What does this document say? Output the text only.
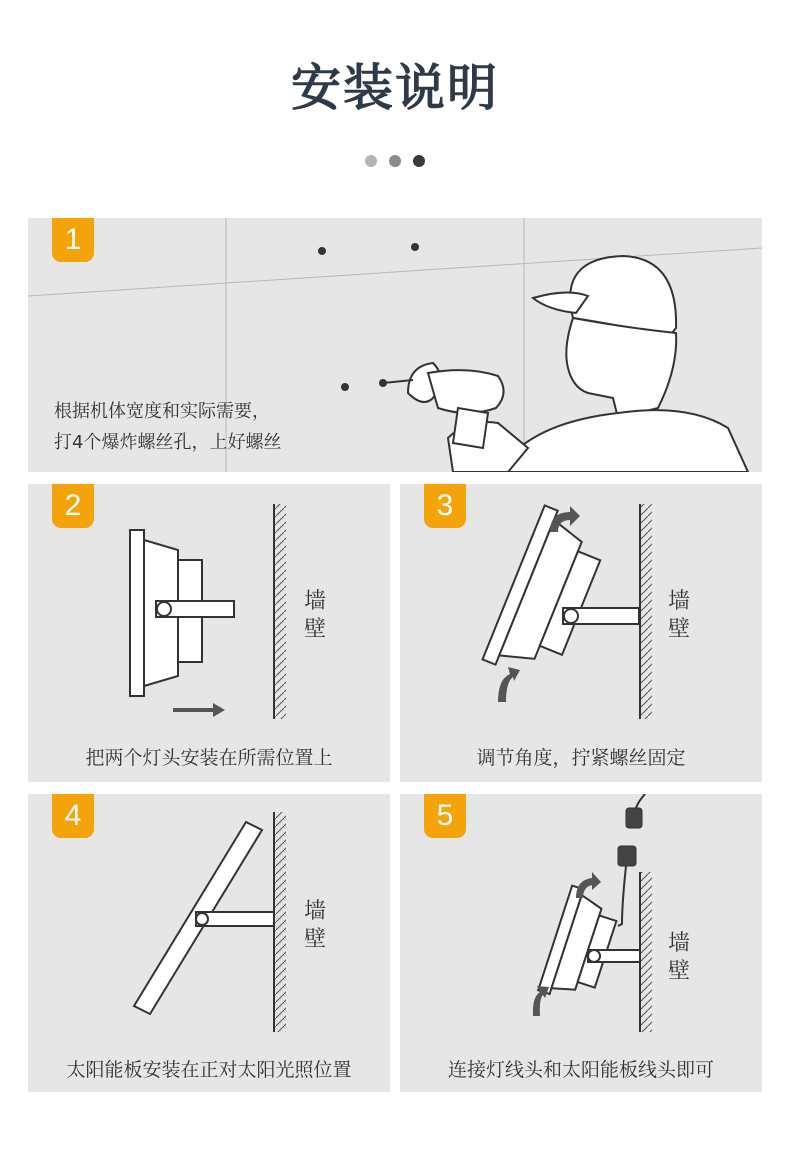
安装说明
1
根据机体宽度和实际需要，
打4个爆炸螺丝孔，上好螺丝
2
墙壁
把两个灯头安装在所需位置上
3
墙壁
调节角度，拧紧螺丝固定
4
墙壁
太阳能板安装在正对太阳光照位置
5
墙壁
连接灯线头和太阳能板线头即可
